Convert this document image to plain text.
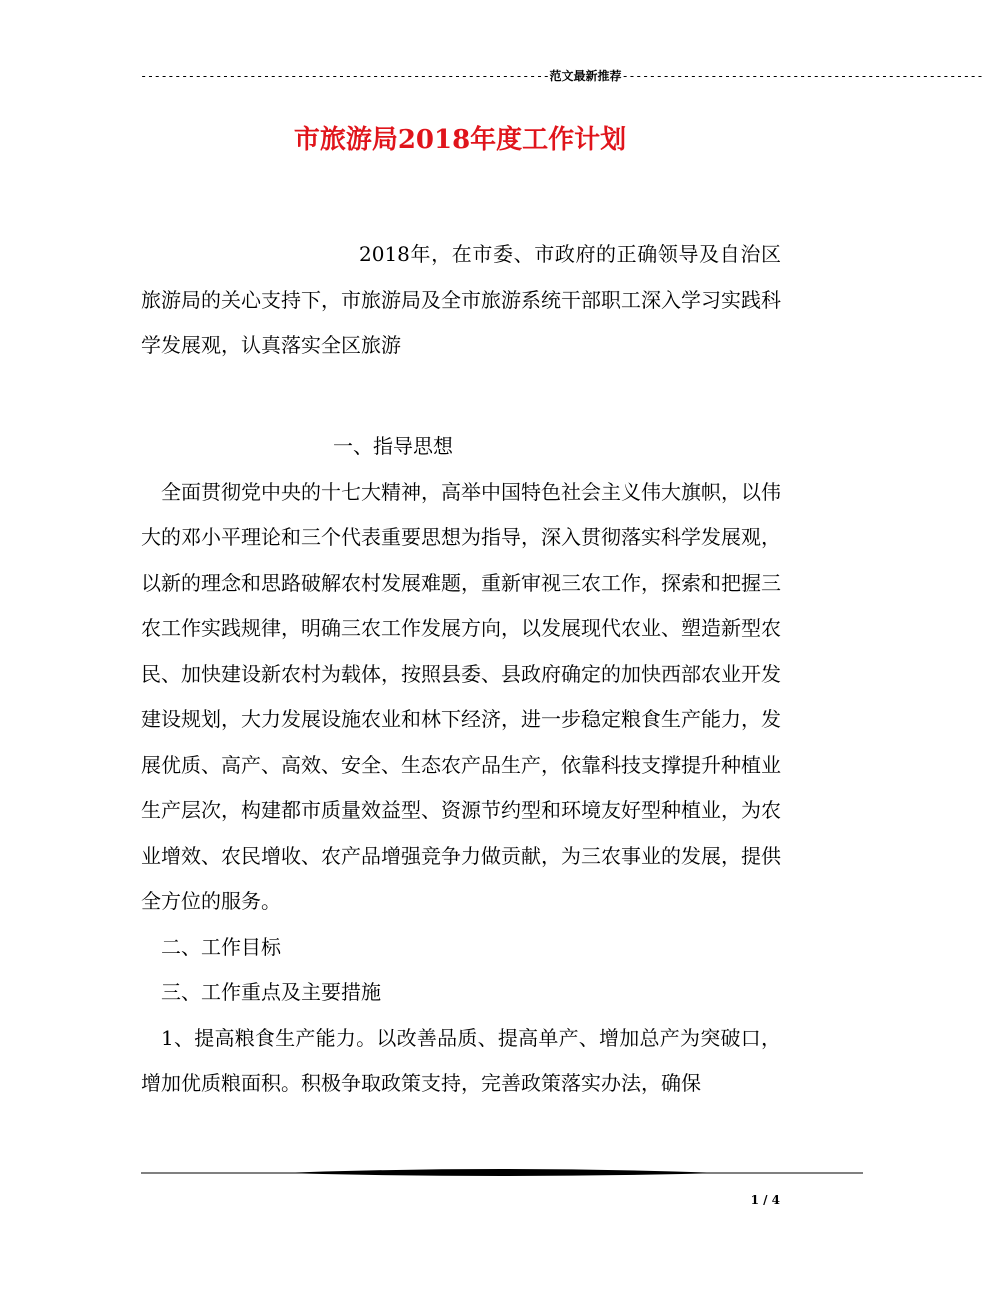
------------------------------------------------------------范文最新推荐-----------------------------------------------------
市旅游局2018年度工作计划

2018年，在市委、市政府的正确领导及自治区旅游局的关心支持下，市旅游局及全市旅游系统干部职工深入学习实践科学发展观，认真落实全区旅游

一、指导思想

全面贯彻党中央的十七大精神，高举中国特色社会主义伟大旗帜，以伟大的邓小平理论和三个代表重要思想为指导，深入贯彻落实科学发展观，以新的理念和思路破解农村发展难题，重新审视三农工作，探索和把握三农工作实践规律，明确三农工作发展方向，以发展现代农业、塑造新型农民、加快建设新农村为载体，按照县委、县政府确定的加快西部农业开发建设规划，大力发展设施农业和林下经济，进一步稳定粮食生产能力，发展优质、高产、高效、安全、生态农产品生产，依靠科技支撑提升种植业生产层次，构建都市质量效益型、资源节约型和环境友好型种植业，为农业增效、农民增收、农产品增强竞争力做贡献，为三农事业的发展，提供全方位的服务。

二、工作目标

三、工作重点及主要措施

1、提高粮食生产能力。以改善品质、提高单产、增加总产为突破口，增加优质粮面积。积极争取政策支持，完善政策落实办法，确保

1 / 4
